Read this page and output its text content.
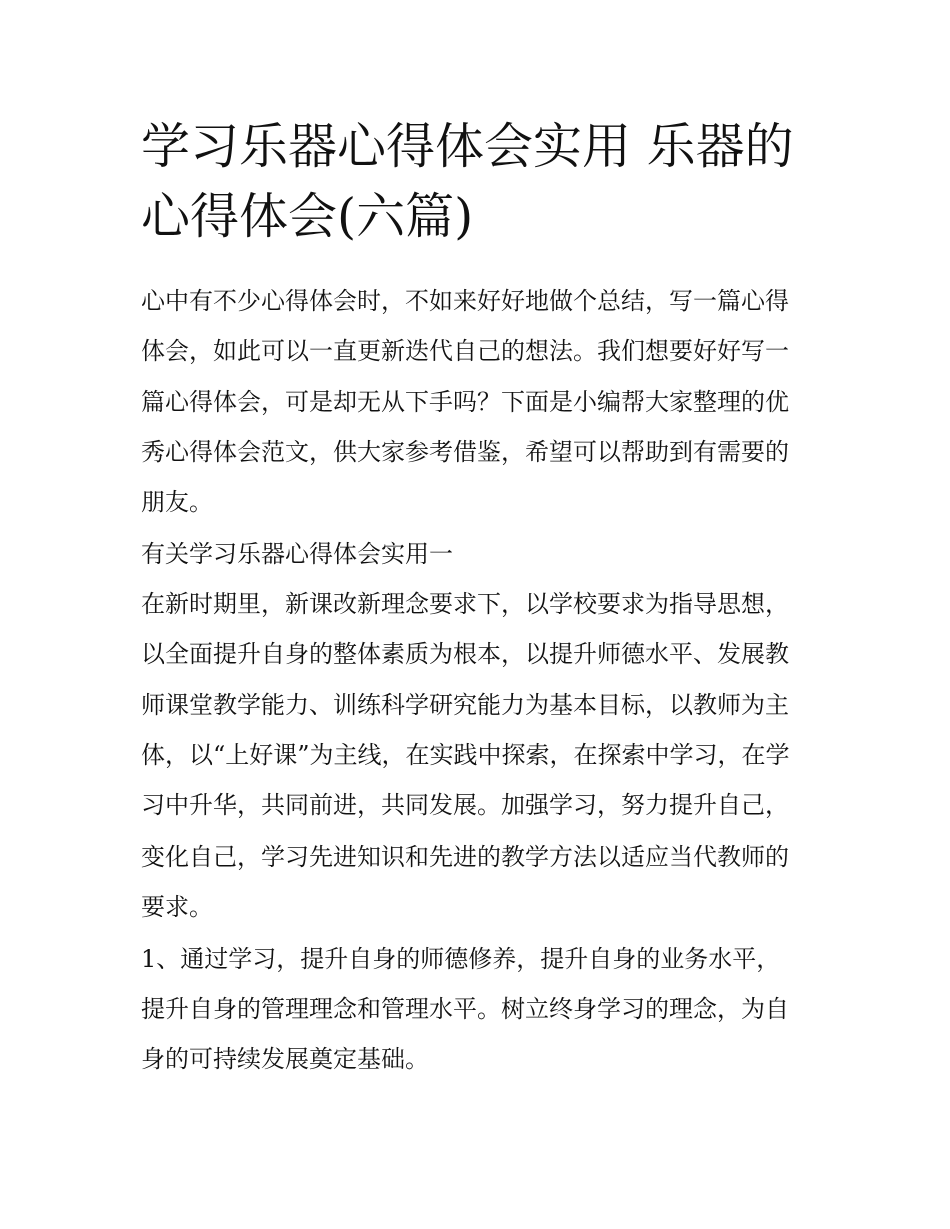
学习乐器心得体会实用 乐器的
心得体会(六篇)

心中有不少心得体会时，不如来好好地做个总结，写一篇心得

体会，如此可以一直更新迭代自己的想法。我们想要好好写一

篇心得体会，可是却无从下手吗？下面是小编帮大家整理的优

秀心得体会范文，供大家参考借鉴，希望可以帮助到有需要的

朋友。

有关学习乐器心得体会实用一

在新时期里，新课改新理念要求下，以学校要求为指导思想，

以全面提升自身的整体素质为根本，以提升师德水平、发展教

师课堂教学能力、训练科学研究能力为基本目标，以教师为主

体，以“上好课”为主线，在实践中探索，在探索中学习，在学

习中升华，共同前进，共同发展。加强学习，努力提升自己，

变化自己，学习先进知识和先进的教学方法以适应当代教师的

要求。

1、通过学习，提升自身的师德修养，提升自身的业务水平，

提升自身的管理理念和管理水平。树立终身学习的理念，为自

身的可持续发展奠定基础。
